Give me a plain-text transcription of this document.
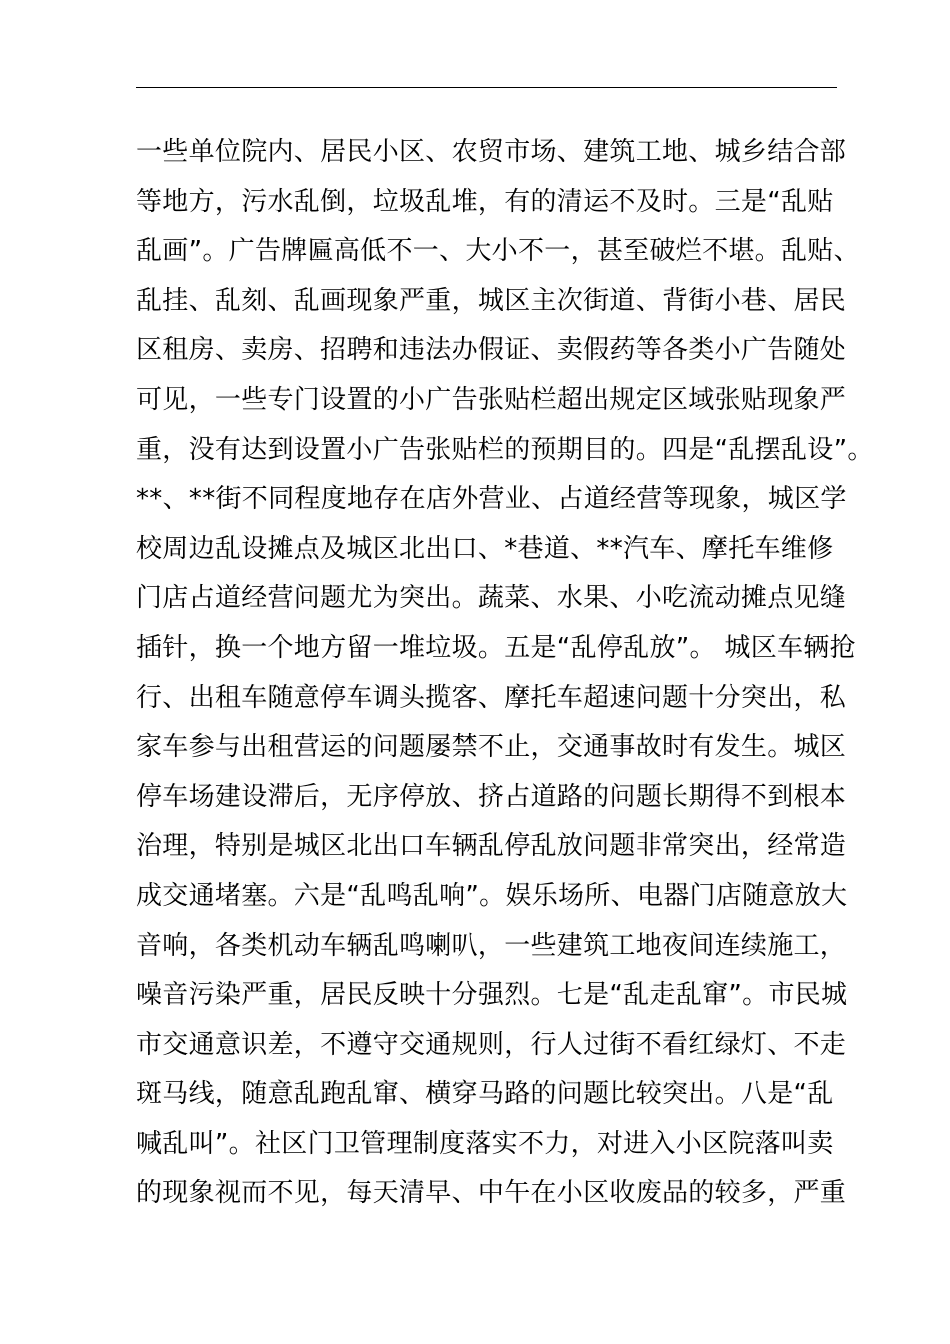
一些单位院内、居民小区、农贸市场、建筑工地、城乡结合部
等地方，污水乱倒，垃圾乱堆，有的清运不及时。三是“乱贴
乱画”。广告牌匾高低不一、大小不一，甚至破烂不堪。乱贴、
乱挂、乱刻、乱画现象严重，城区主次街道、背街小巷、居民
区租房、卖房、招聘和违法办假证、卖假药等各类小广告随处
可见，一些专门设置的小广告张贴栏超出规定区域张贴现象严
重，没有达到设置小广告张贴栏的预期目的。四是“乱摆乱设”。
**、**街不同程度地存在店外营业、占道经营等现象，城区学
校周边乱设摊点及城区北出口、*巷道、**汽车、摩托车维修
门店占道经营问题尤为突出。蔬菜、水果、小吃流动摊点见缝
插针，换一个地方留一堆垃圾。五是“乱停乱放”。 城区车辆抢
行、出租车随意停车调头揽客、摩托车超速问题十分突出，私
家车参与出租营运的问题屡禁不止，交通事故时有发生。城区
停车场建设滞后，无序停放、挤占道路的问题长期得不到根本
治理，特别是城区北出口车辆乱停乱放问题非常突出，经常造
成交通堵塞。六是“乱鸣乱响”。娱乐场所、电器门店随意放大
音响，各类机动车辆乱鸣喇叭，一些建筑工地夜间连续施工，
噪音污染严重，居民反映十分强烈。七是“乱走乱窜”。市民城
市交通意识差，不遵守交通规则，行人过街不看红绿灯、不走
斑马线，随意乱跑乱窜、横穿马路的问题比较突出。八是“乱
喊乱叫”。社区门卫管理制度落实不力，对进入小区院落叫卖
的现象视而不见，每天清早、中午在小区收废品的较多，严重
